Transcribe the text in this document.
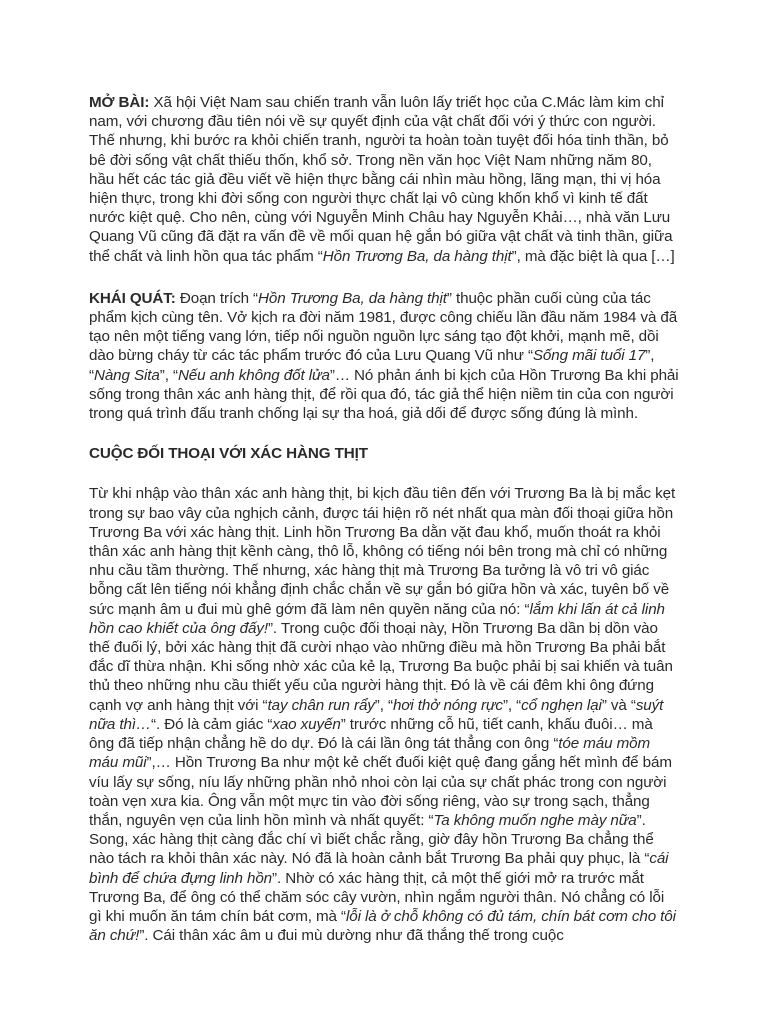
MỞ BÀI: Xã hội Việt Nam sau chiến tranh vẫn luôn lấy triết học của C.Mác làm kim chỉ nam, với chương đầu tiên nói về sự quyết định của vật chất đối với ý thức con người. Thế nhưng, khi bước ra khỏi chiến tranh, người ta hoàn toàn tuyệt đối hóa tinh thần, bỏ bê đời sống vật chất thiếu thốn, khổ sở. Trong nền văn học Việt Nam những năm 80, hầu hết các tác giả đều viết về hiện thực bằng cái nhìn màu hồng, lãng mạn, thi vị hóa hiện thực, trong khi đời sống con người thực chất lại vô cùng khốn khổ vì kinh tế đất nước kiệt quệ. Cho nên, cùng với Nguyễn Minh Châu hay Nguyễn Khải…, nhà văn Lưu Quang Vũ cũng đã đặt ra vấn đề về mối quan hệ gắn bó giữa vật chất và tinh thần, giữa thể chất và linh hồn qua tác phẩm “Hồn Trương Ba, da hàng thịt”, mà đặc biệt là qua […]

KHÁI QUÁT: Đoạn trích “Hồn Trương Ba, da hàng thịt” thuộc phần cuối cùng của tác phẩm kịch cùng tên. Vở kịch ra đời năm 1981, được công chiếu lần đầu năm 1984 và đã tạo nên một tiếng vang lớn, tiếp nối nguồn nguồn lực sáng tạo đột khởi, mạnh mẽ, dồi dào bừng cháy từ các tác phẩm trước đó của Lưu Quang Vũ như “Sống mãi tuổi 17”, “Nàng Sita”, “Nếu anh không đốt lửa”… Nó phản ánh bi kịch của Hồn Trương Ba khi phải sống trong thân xác anh hàng thịt, để rồi qua đó, tác giả thể hiện niềm tin của con người trong quá trình đấu tranh chống lại sự tha hoá, giả dối để được sống đúng là mình.

CUỘC ĐỐI THOẠI VỚI XÁC HÀNG THỊT

Từ khi nhập vào thân xác anh hàng thịt, bi kịch đầu tiên đến với Trương Ba là bị mắc kẹt trong sự bao vây của nghịch cảnh, được tái hiện rõ nét nhất qua màn đối thoại giữa hồn Trương Ba với xác hàng thịt. Linh hồn Trương Ba dằn vặt đau khổ, muốn thoát ra khỏi thân xác anh hàng thịt kềnh càng, thô lỗ, không có tiếng nói bên trong mà chỉ có những nhu cầu tầm thường. Thế nhưng, xác hàng thịt mà Trương Ba tưởng là vô tri vô giác bỗng cất lên tiếng nói khẳng định chắc chắn về sự gắn bó giữa hồn và xác, tuyên bố về sức mạnh âm u đui mù ghê gớm đã làm nên quyền năng của nó: “lắm khi lấn át cả linh hồn cao khiết của ông đấy!”. Trong cuộc đối thoại này, Hồn Trương Ba dần bị dồn vào thế đuối lý, bởi xác hàng thịt đã cười nhạo vào những điều mà hồn Trương Ba phải bắt đắc dĩ thừa nhận. Khi sống nhờ xác của kẻ lạ, Trương Ba buộc phải bị sai khiến và tuân thủ theo những nhu cầu thiết yếu của người hàng thịt. Đó là về cái đêm khi ông đứng cạnh vợ anh hàng thịt với “tay chân run rẩy”, “hơi thở nóng rực”, “cổ nghẹn lại” và “suýt nữa thì…“. Đó là cảm giác “xao xuyến” trước những cỗ hũ, tiết canh, khấu đuôi… mà ông đã tiếp nhận chẳng hề do dự. Đó là cái lần ông tát thẳng con ông “tóe máu mồm máu mũi”,… Hồn Trương Ba như một kẻ chết đuối kiệt quệ đang gắng hết mình để bám víu lấy sự sống, níu lấy những phần nhỏ nhoi còn lại của sự chất phác trong con người toàn vẹn xưa kia. Ông vẫn một mực tin vào đời sống riêng, vào sự trong sạch, thẳng thắn, nguyên vẹn của linh hồn mình và nhất quyết: “Ta không muốn nghe mày nữa”. Song, xác hàng thịt càng đắc chí vì biết chắc rằng, giờ đây hồn Trương Ba chẳng thể nào tách ra khỏi thân xác này. Nó đã là hoàn cảnh bắt Trương Ba phải quy phục, là “cái bình để chứa đựng linh hồn”. Nhờ có xác hàng thịt, cả một thế giới mở ra trước mắt Trương Ba, để ông có thể chăm sóc cây vườn, nhìn ngắm người thân. Nó chẳng có lỗi gì khi muốn ăn tám chín bát cơm, mà “lỗi là ở chỗ không có đủ tám, chín bát cơm cho tôi ăn chứ!”. Cái thân xác âm u đui mù dường như đã thắng thế trong cuộc
